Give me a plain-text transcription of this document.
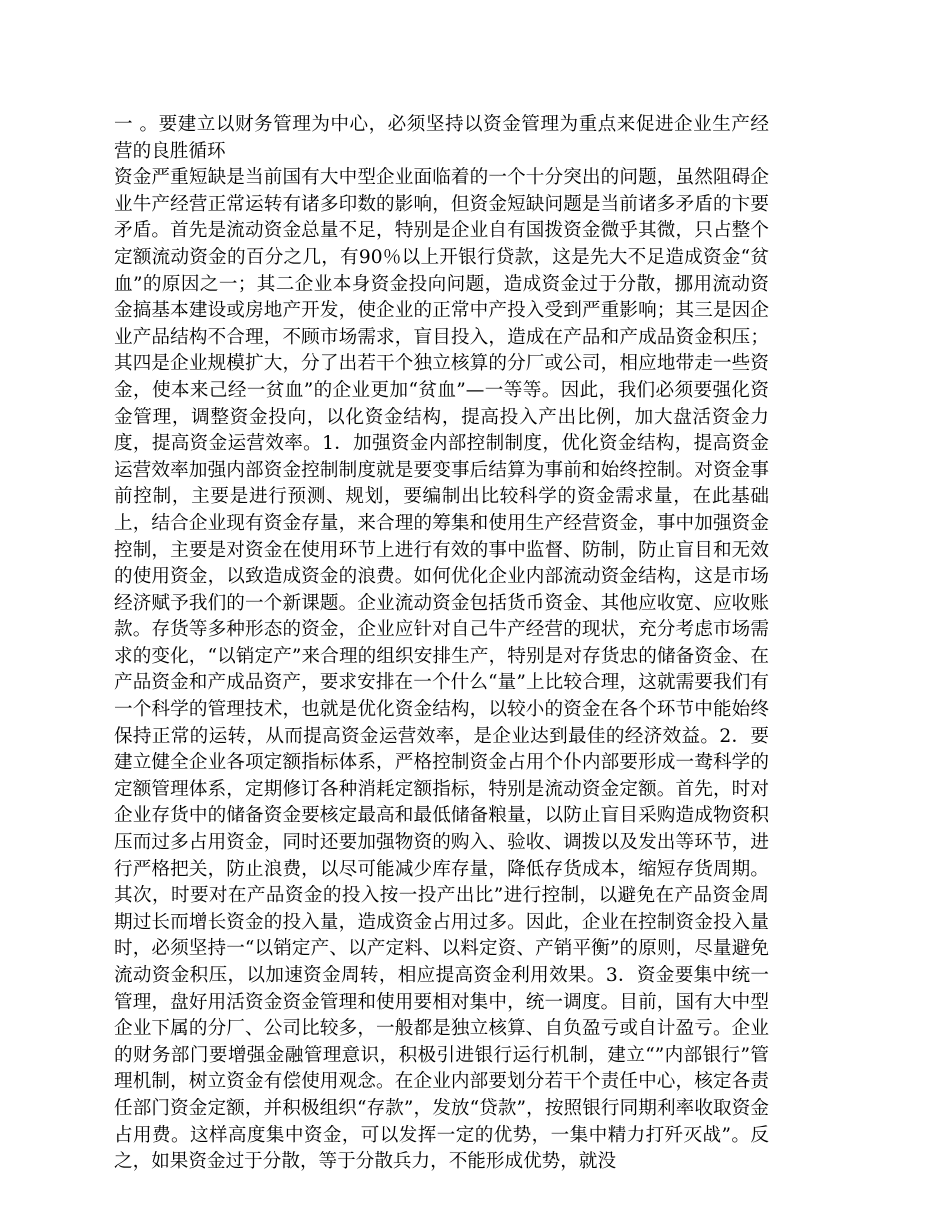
一 。要建立以财务管理为中心，必须坚持以资金管理为重点来促进企业生产经营的良胜循环

资金严重短缺是当前国有大中型企业面临着的一个十分突出的问题，虽然阻碍企业牛产经营正常运转有诸多印数的影响，但资金短缺问题是当前诸多矛盾的卞要矛盾。首先是流动资金总量不足，特别是企业自有国拨资金微乎其微，只占整个定额流动资金的百分之几，有90％以上开银行贷款，这是先大不足造成资金“贫血”的原因之一；其二企业本身资金投向问题，造成资金过于分散，挪用流动资金搞基本建设或房地产开发，使企业的正常中产投入受到严重影响；其三是因企业产品结构不合理，不顾市场需求，盲目投入，造成在产品和产成品资金积压；其四是企业规模扩大，分了出若干个独立核算的分厂或公司，相应地带走一些资金，使本来己经一贫血”的企业更加“贫血”—一等等。因此，我们必须要强化资金管理，调整资金投向，以化资金结构，提高投入产出比例，加大盘活资金力度，提高资金运营效率。1．加强资金内部控制制度，优化资金结构，提高资金运营效率加强内部资金控制制度就是要变事后结算为事前和始终控制。对资金事前控制，主要是进行预测、规划，要编制出比较科学的资金需求量，在此基础上，结合企业现有资金存量，来合理的筹集和使用生产经营资金，事中加强资金控制，主要是对资金在使用环节上进行有效的事中监督、防制，防止盲目和无效的使用资金，以致造成资金的浪费。如何优化企业内部流动资金结构，这是市场经济赋予我们的一个新课题。企业流动资金包括货币资金、其他应收宽、应收账款。存货等多种形态的资金，企业应针对自己牛产经营的现状，充分考虑市场需求的变化，“以销定产”来合理的组织安排生产，特别是对存货忠的储备资金、在产品资金和产成品资产，要求安排在一个什么“量”上比较合理，这就需要我们有一个科学的管理技术，也就是优化资金结构，以较小的资金在各个环节中能始终保持正常的运转，从而提高资金运营效率，是企业达到最佳的经济效益。2．要建立健全企业各项定额指标体系，严格控制资金占用个仆内部要形成一鸯科学的定额管理体系，定期修订各种消耗定额指标，特别是流动资金定额。首先，时对企业存货中的储备资金要核定最高和最低储备粮量，以防止盲目采购造成物资积压而过多占用资金，同时还要加强物资的购入、验收、调拨以及发出等环节，进行严格把关，防止浪费，以尽可能减少库存量，降低存货成本，缩短存货周期。其次，时要对在产品资金的投入按一投产出比”进行控制，以避免在产品资金周期过长而增长资金的投入量，造成资金占用过多。因此，企业在控制资金投入量时，必须坚持一“以销定产、以产定料、以料定资、产销平衡”的原则，尽量避免流动资金积压，以加速资金周转，相应提高资金利用效果。3．资金要集中统一管理，盘好用活资金资金管理和使用要相对集中，统一调度。目前，国有大中型企业下属的分厂、公司比较多，一般都是独立核算、自负盈亏或自计盈亏。企业的财务部门要增强金融管理意识，积极引进银行运行机制，建立“”内部银行”管理机制，树立资金有偿使用观念。在企业内部要划分若干个责任中心，核定各责任部门资金定额，并积极组织“存款”，发放“贷款”，按照银行同期利率收取资金占用费。这样高度集中资金，可以发挥一定的优势，一集中精力打歼灭战”。反之，如果资金过于分散，等于分散兵力，不能形成优势，就没
